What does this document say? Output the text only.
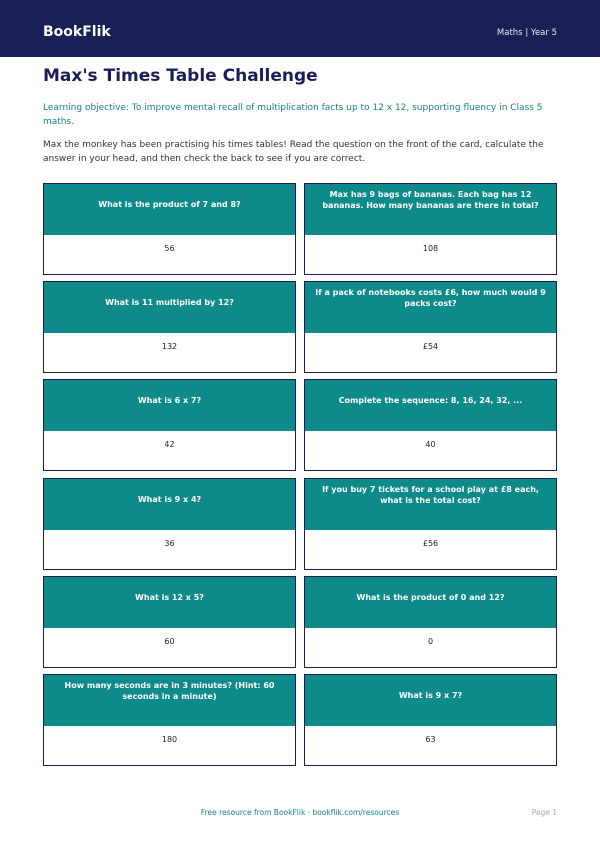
BookFlik	Maths | Year 5
Max's Times Table Challenge
Learning objective: To improve mental recall of multiplication facts up to 12 x 12, supporting fluency in Class 5 maths.
Max the monkey has been practising his times tables! Read the question on the front of the card, calculate the answer in your head, and then check the back to see if you are correct.
What is the product of 7 and 8?
56
Max has 9 bags of bananas. Each bag has 12 bananas. How many bananas are there in total?
108
What is 11 multiplied by 12?
132
If a pack of notebooks costs £6, how much would 9 packs cost?
£54
What is 6 x 7?
42
Complete the sequence: 8, 16, 24, 32, ...
40
What is 9 x 4?
36
If you buy 7 tickets for a school play at £8 each, what is the total cost?
£56
What is 12 x 5?
60
What is the product of 0 and 12?
0
How many seconds are in 3 minutes? (Hint: 60 seconds in a minute)
180
What is 9 x 7?
63
Free resource from BookFlik · bookflik.com/resources	Page 1
